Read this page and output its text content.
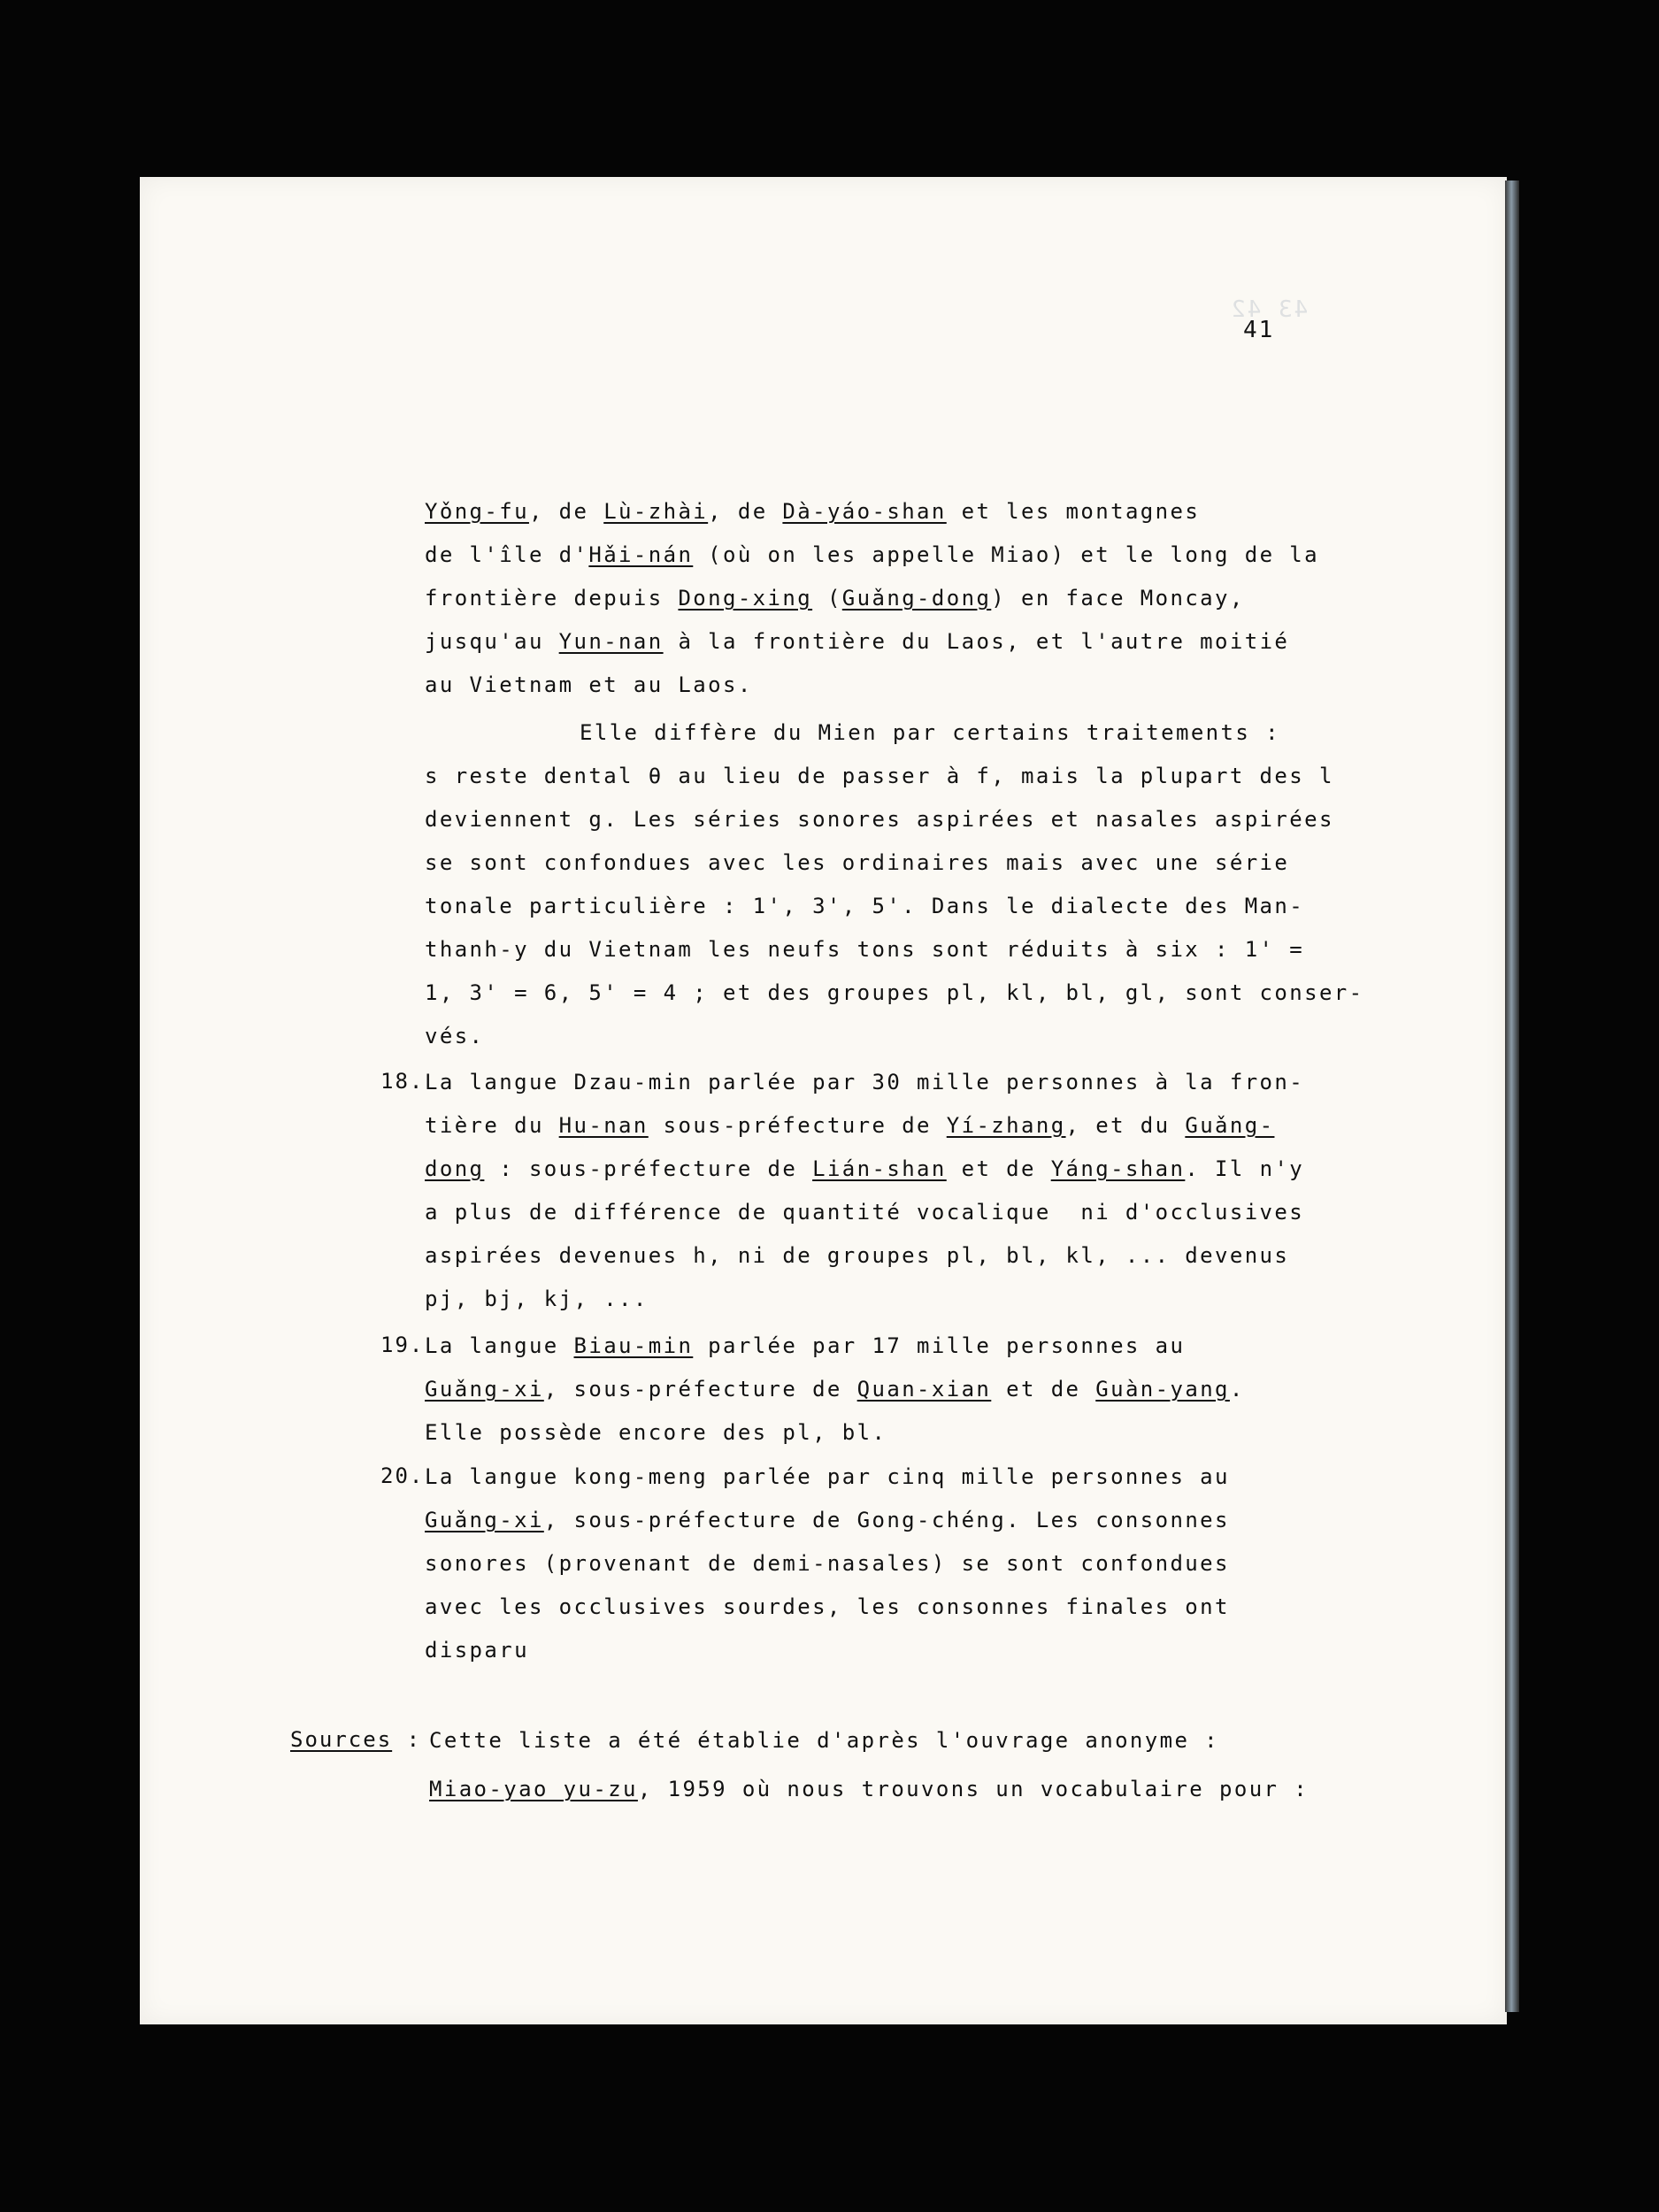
43 42
41
Yǒng-fu, de Lù-zhài, de Dà-yáo-shan et les montagnes
de l'île d'Hǎi-nán (où on les appelle Miao) et le long de la
frontière depuis Dong-xing (Guǎng-dong) en face Moncay,
jusqu'au Yun-nan à la frontière du Laos, et l'autre moitié
au Vietnam et au Laos.
Elle diffère du Mien par certains traitements :
s reste dental θ au lieu de passer à f, mais la plupart des l
deviennent g. Les séries sonores aspirées et nasales aspirées
se sont confondues avec les ordinaires mais avec une série
tonale particulière : 1', 3', 5'. Dans le dialecte des Man-
thanh-y du Vietnam les neufs tons sont réduits à six : 1' =
1, 3' = 6, 5' = 4 ; et des groupes pl, kl, bl, gl, sont conser-
vés.
18. La langue Dzau-min parlée par 30 mille personnes à la fron-
tière du Hu-nan sous-préfecture de Yí-zhang, et du Guǎng-
dong : sous-préfecture de Lián-shan et de Yáng-shan. Il n'y
a plus de différence de quantité vocalique  ni d'occlusives
aspirées devenues h, ni de groupes pl, bl, kl, ... devenus
pj, bj, kj, ...
19. La langue Biau-min parlée par 17 mille personnes au
Guǎng-xi, sous-préfecture de Quan-xian et de Guàn-yang.
Elle possède encore des pl, bl.
20. La langue kong-meng parlée par cinq mille personnes au
Guǎng-xi, sous-préfecture de Gong-chéng. Les consonnes
sonores (provenant de demi-nasales) se sont confondues
avec les occlusives sourdes, les consonnes finales ont
disparu
Sources : Cette liste a été établie d'après l'ouvrage anonyme :
Miao-yao yu-zu, 1959 où nous trouvons un vocabulaire pour :
